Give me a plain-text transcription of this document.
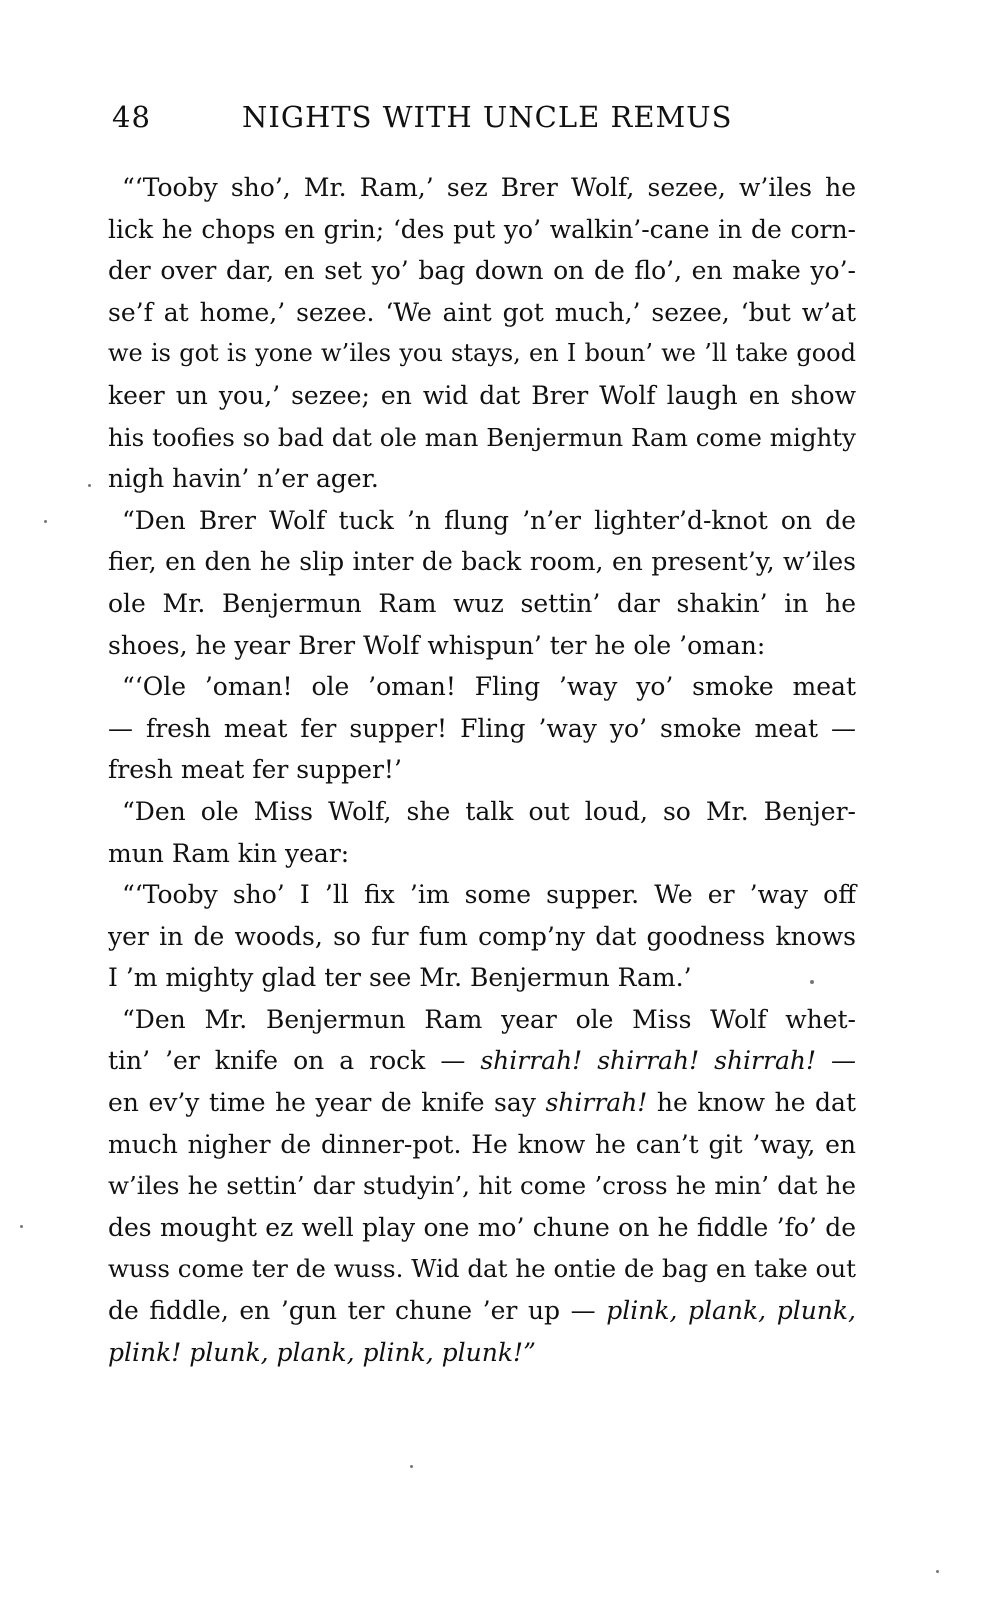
48	NIGHTS WITH UNCLE REMUS
“‘Tooby sho’, Mr. Ram,’ sez Brer Wolf, sezee, w’iles he
lick he chops en grin; ‘des put yo’ walkin’-cane in de corn-
der over dar, en set yo’ bag down on de flo’, en make yo’-
se’f at home,’ sezee. ‘We aint got much,’ sezee, ‘but w’at
we is got is yone w’iles you stays, en I boun’ we ’ll take good
keer un you,’ sezee; en wid dat Brer Wolf laugh en show
his toofies so bad dat ole man Benjermun Ram come mighty
nigh havin’ n’er ager.
“Den Brer Wolf tuck ’n flung ’n’er lighter’d-knot on de
fier, en den he slip inter de back room, en present’y, w’iles
ole Mr. Benjermun Ram wuz settin’ dar shakin’ in he
shoes, he year Brer Wolf whispun’ ter he ole ’oman:
“‘Ole ’oman! ole ’oman! Fling ’way yo’ smoke meat
— fresh meat fer supper! Fling ’way yo’ smoke meat —
fresh meat fer supper!’
“Den ole Miss Wolf, she talk out loud, so Mr. Benjer-
mun Ram kin year:
“‘Tooby sho’ I ’ll fix ’im some supper. We er ’way off
yer in de woods, so fur fum comp’ny dat goodness knows
I ’m mighty glad ter see Mr. Benjermun Ram.’
“Den Mr. Benjermun Ram year ole Miss Wolf whet-
tin’ ’er knife on a rock — shirrah! shirrah! shirrah! —
en ev’y time he year de knife say shirrah! he know he dat
much nigher de dinner-pot. He know he can’t git ’way, en
w’iles he settin’ dar studyin’, hit come ’cross he min’ dat he
des mought ez well play one mo’ chune on he fiddle ’fo’ de
wuss come ter de wuss. Wid dat he ontie de bag en take out
de fiddle, en ’gun ter chune ’er up — plink, plank, plunk,
plink! plunk, plank, plink, plunk!”
